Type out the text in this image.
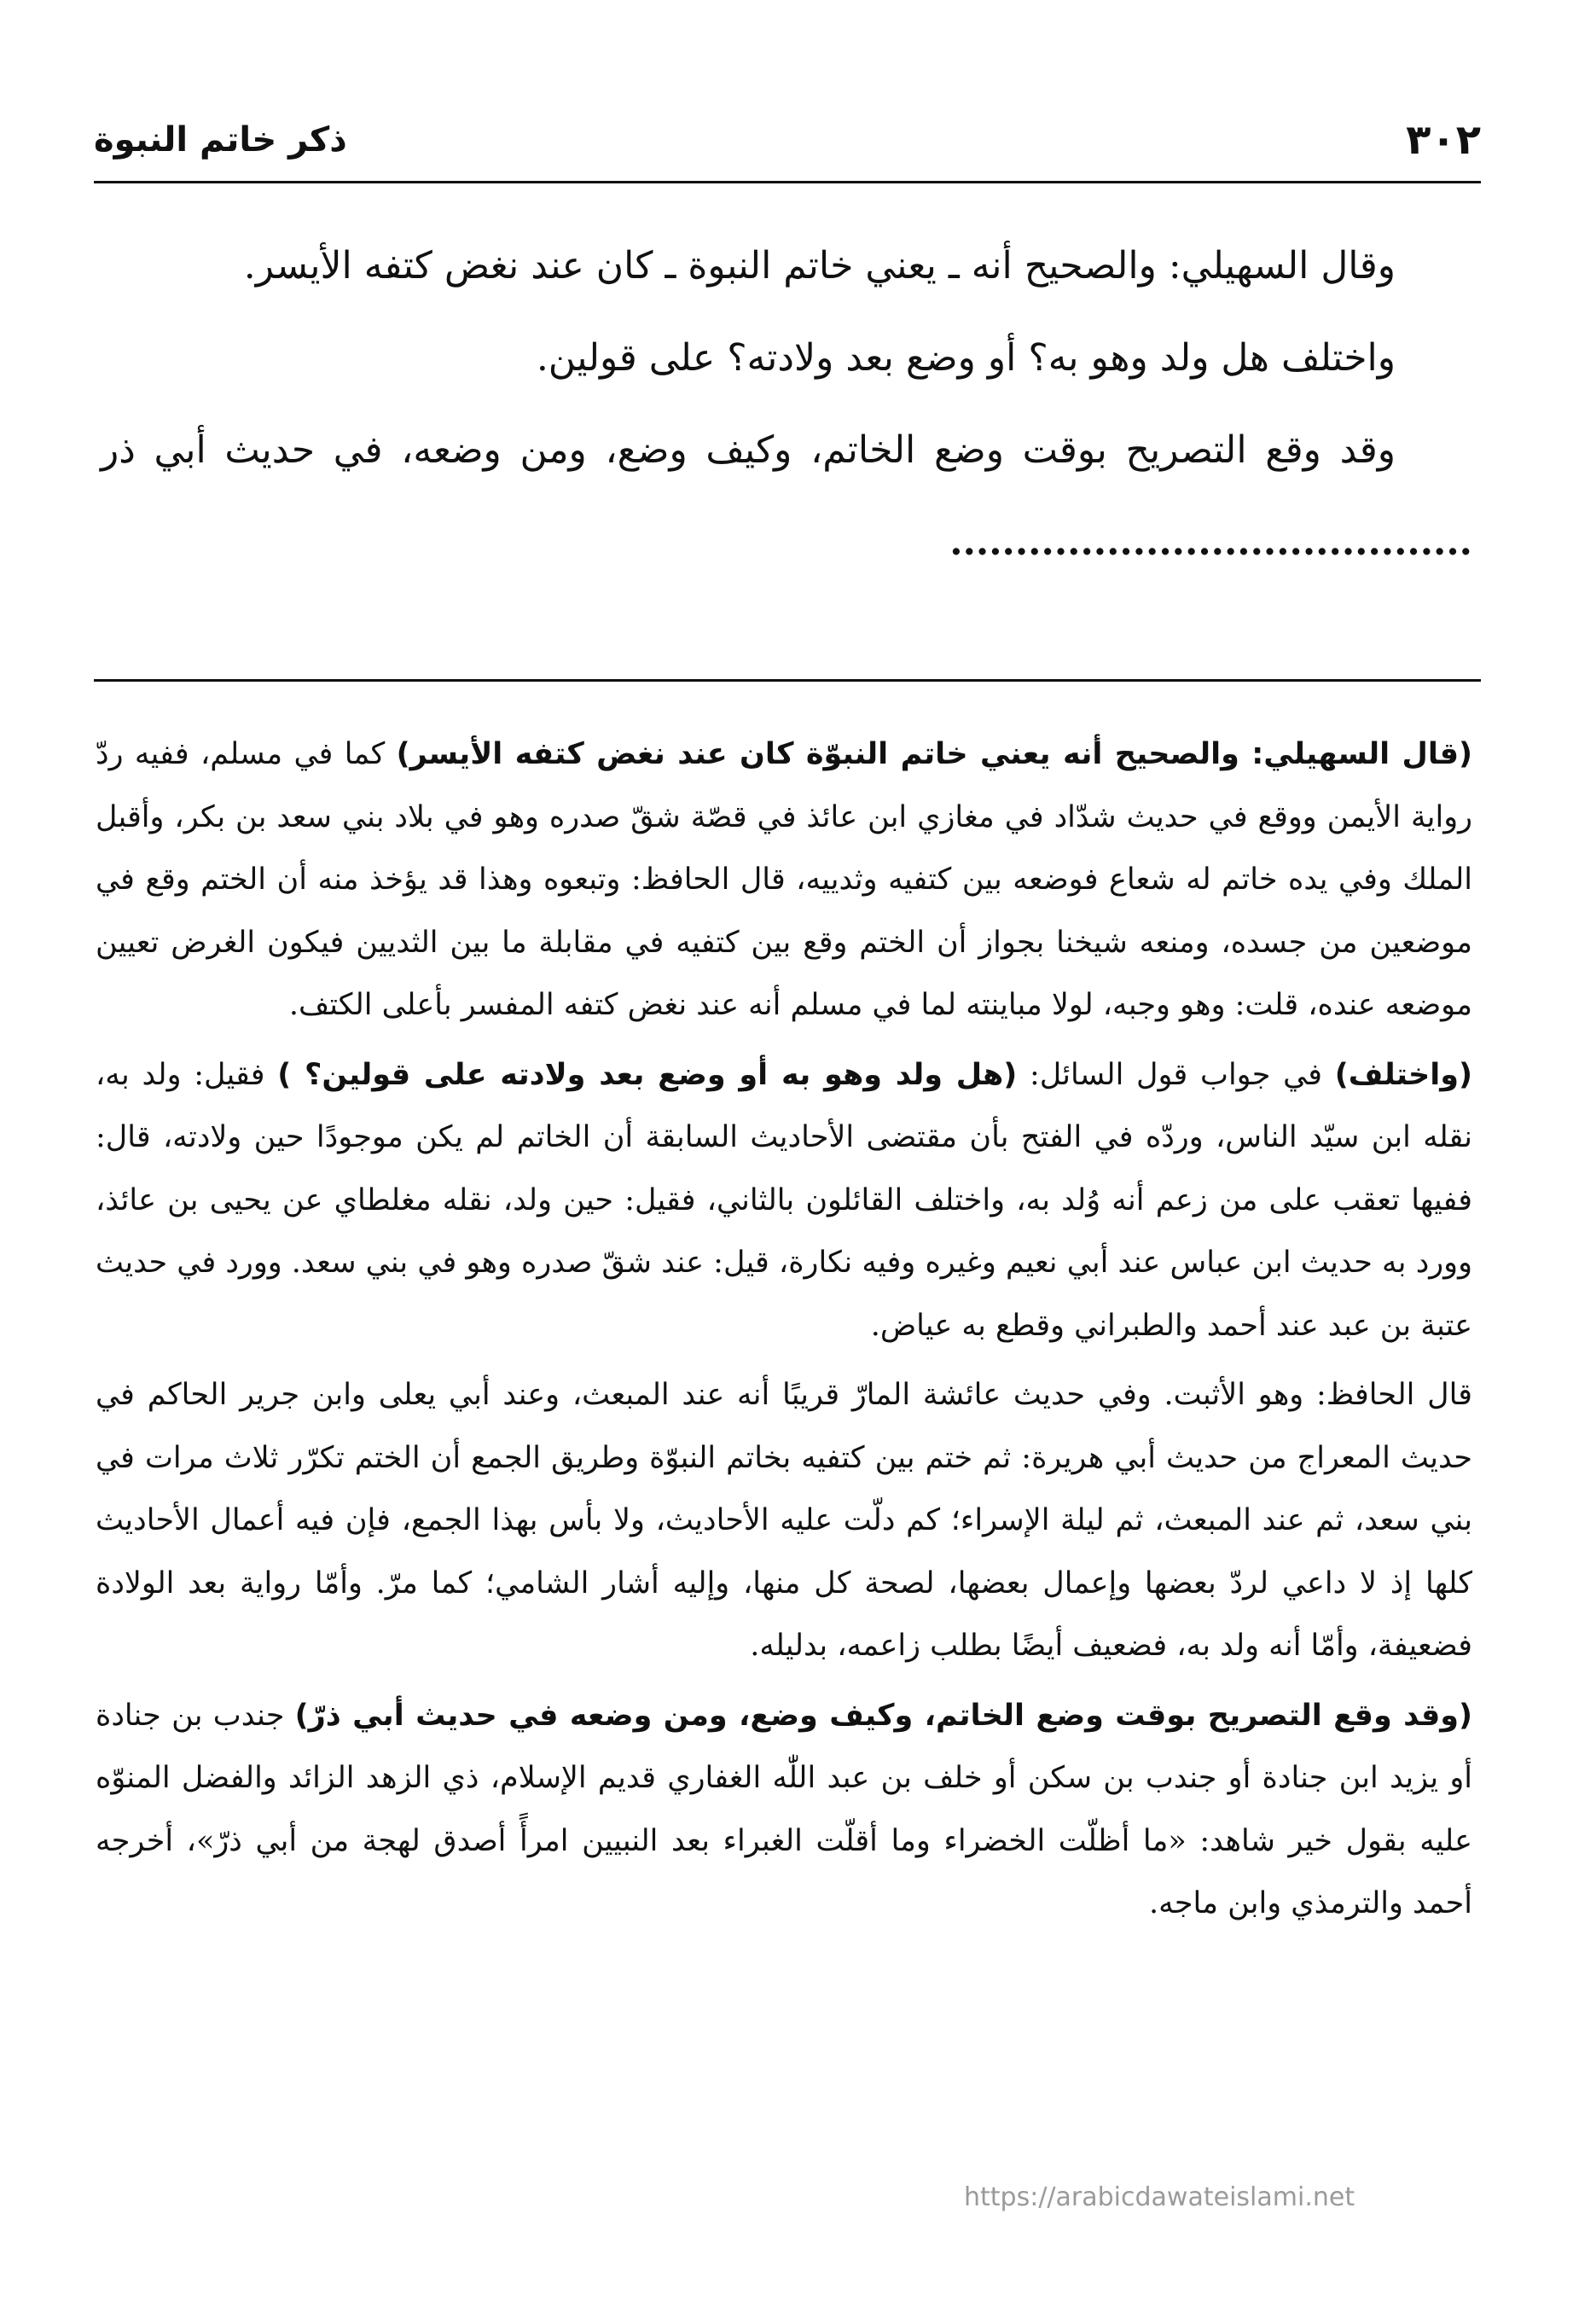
٣٠٢
ذكر خاتم النبوة

وقال السهيلي: والصحيح أنه ـ يعني خاتم النبوة ـ كان عند نغض كتفه الأيسر.

واختلف هل ولد وهو به؟ أو وضع بعد ولادته؟ على قولين.

وقد وقع التصريح بوقت وضع الخاتم، وكيف وضع، ومن وضعه، في حديث أبي ذر ........................................

(قال السهيلي: والصحيح أنه يعني خاتم النبوّة كان عند نغض كتفه الأيسر) كما في مسلم، ففيه ردّ رواية الأيمن ووقع في حديث شدّاد في مغازي ابن عائذ في قصّة شقّ صدره وهو في بلاد بني سعد بن بكر، وأقبل الملك وفي يده خاتم له شعاع فوضعه بين كتفيه وثدييه، قال الحافظ: وتبعوه وهذا قد يؤخذ منه أن الختم وقع في موضعين من جسده، ومنعه شيخنا بجواز أن الختم وقع بين كتفيه في مقابلة ما بين الثديين فيكون الغرض تعيين موضعه عنده، قلت: وهو وجبه، لولا مباينته لما في مسلم أنه عند نغض كتفه المفسر بأعلى الكتف.

(واختلف) في جواب قول السائل: (هل ولد وهو به أو وضع بعد ولادته على قولين؟ ) فقيل: ولد به، نقله ابن سيّد الناس، وردّه في الفتح بأن مقتضى الأحاديث السابقة أن الخاتم لم يكن موجودًا حين ولادته، قال: ففيها تعقب على من زعم أنه وُلد به، واختلف القائلون بالثاني، فقيل: حين ولد، نقله مغلطاي عن يحيى بن عائذ، وورد به حديث ابن عباس عند أبي نعيم وغيره وفيه نكارة، قيل: عند شقّ صدره وهو في بني سعد. وورد في حديث عتبة بن عبد عند أحمد والطبراني وقطع به عياض.

قال الحافظ: وهو الأثبت. وفي حديث عائشة المارّ قريبًا أنه عند المبعث، وعند أبي يعلى وابن جرير الحاكم في حديث المعراج من حديث أبي هريرة: ثم ختم بين كتفيه بخاتم النبوّة وطريق الجمع أن الختم تكرّر ثلاث مرات في بني سعد، ثم عند المبعث، ثم ليلة الإسراء؛ كم دلّت عليه الأحاديث، ولا بأس بهذا الجمع، فإن فيه أعمال الأحاديث كلها إذ لا داعي لردّ بعضها وإعمال بعضها، لصحة كل منها، وإليه أشار الشامي؛ كما مرّ. وأمّا رواية بعد الولادة فضعيفة، وأمّا أنه ولد به، فضعيف أيضًا بطلب زاعمه، بدليله.

(وقد وقع التصريح بوقت وضع الخاتم، وكيف وضع، ومن وضعه في حديث أبي ذرّ) جندب بن جنادة أو يزيد ابن جنادة أو جندب بن سكن أو خلف بن عبد اللّٰه الغفاري قديم الإسلام، ذي الزهد الزائد والفضل المنوّه عليه بقول خير شاهد: «ما أظلّت الخضراء وما أقلّت الغبراء بعد النبيين امرأً أصدق لهجة من أبي ذرّ»، أخرجه أحمد والترمذي وابن ماجه.

https://arabicdawateislami.net
